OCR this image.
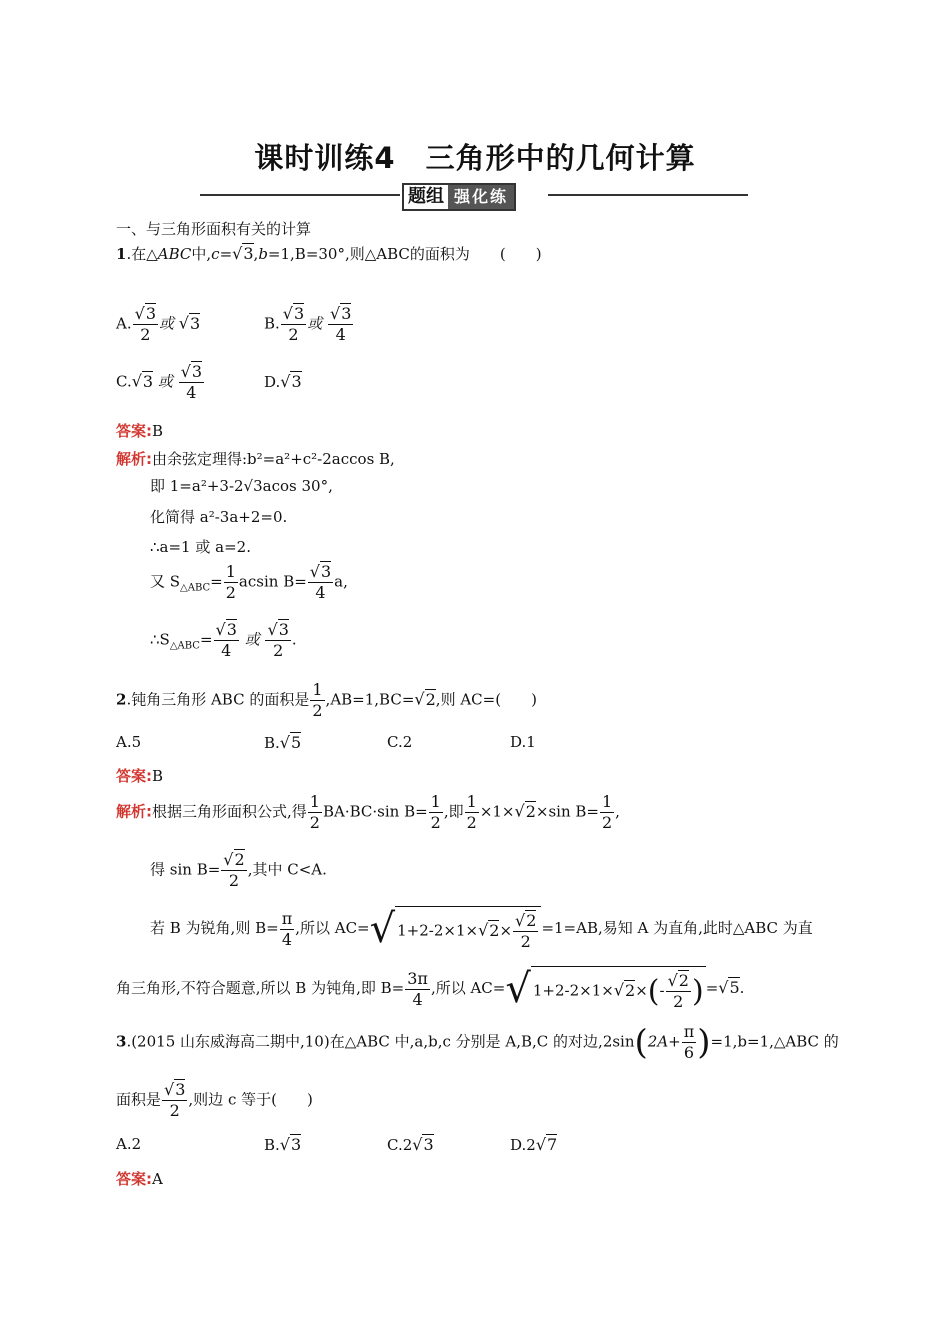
课时训练4　三角形中的几何计算
题组 强化练
一、与三角形面积有关的计算
1.在△ABC中,c=√3,b=1,B=30°,则△ABC的面积为　　(　　)
A. $\frac{√3}{2}$ 或 √3	B. $\frac{√3}{2}$ 或 $\frac{√3}{4}$
C.√3 或 $\frac{√3}{4}$	D.√3
答案:B
解析:由余弦定理得:b²=a²+c²-2accos B,
即 1=a²+3-2√3acos 30°,
化简得 a²-3a+2=0.
∴a=1 或 a=2.
又 $S_{\triangle ABC}= \frac{1}{2}$ acsin $B= \frac{√3}{4} a$,
$\therefore S_{\triangle ABC}= \frac{√3}{4}$ 或 $\frac{√3}{2}$ .
2.钝角三角形 ABC 的面积是 $\frac{1}{2} ,AB=1,BC=√2$,则 AC=(　　)
A.5	B.√5	C.2	D.1
答案:B
解析:根据三角形面积公式,得 $\frac{1}{2} BA\cdot BC\cdot\sin$ $B= \frac{1}{2}$ ,即 $\frac{1}{2} \times 1\times√2\times\sin$ $B= \frac{1}{2}$ ,
得 $\sin B= \frac{√2}{2}$ ,其中 C<A.
若 B 为锐角,则 $B= \frac{\pi}{4}$ ,所以 AC=√ $1+2-2\times 1\times√2\times \frac{√2}{2} =1=AB$,易知 A 为直角,此时△ABC 为直
角三角形,不符合题意,所以 B 为钝角,即 $B= \frac{3\pi}{4}$ ,所以 AC=√ $1+2-2\times 1\times√2\times(- \frac{√2}{2}$ ) =√5.
3.(2015 山东威海高二期中,10)在△ABC 中,a,b,c 分别是 A,B,C 的对边$,2\sin(2A+ \frac{\pi}{6}$ )=1,b=1,△ABC 的
面积是 $\frac{√3}{2}$ ,则边 c 等于(　　)
A.2	B.√3	C.2√3	D.2√7
答案:A
